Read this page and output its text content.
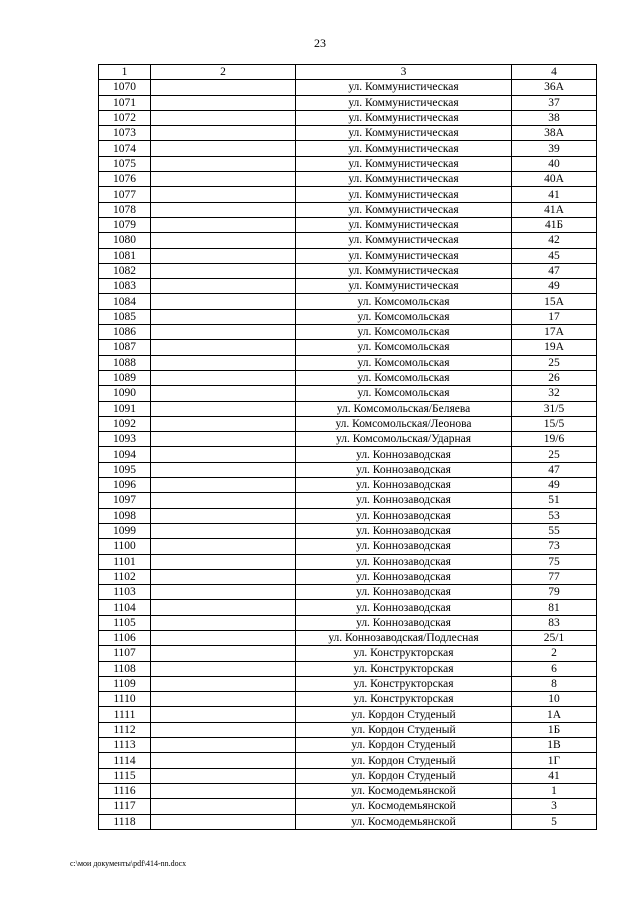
23
1	2	3	4
1070		ул. Коммунистическая	36А
1071		ул. Коммунистическая	37
1072		ул. Коммунистическая	38
1073		ул. Коммунистическая	38А
1074		ул. Коммунистическая	39
1075		ул. Коммунистическая	40
1076		ул. Коммунистическая	40А
1077		ул. Коммунистическая	41
1078		ул. Коммунистическая	41А
1079		ул. Коммунистическая	41Б
1080		ул. Коммунистическая	42
1081		ул. Коммунистическая	45
1082		ул. Коммунистическая	47
1083		ул. Коммунистическая	49
1084		ул. Комсомольская	15А
1085		ул. Комсомольская	17
1086		ул. Комсомольская	17А
1087		ул. Комсомольская	19А
1088		ул. Комсомольская	25
1089		ул. Комсомольская	26
1090		ул. Комсомольская	32
1091		ул. Комсомольская/Беляева	31/5
1092		ул. Комсомольская/Леонова	15/5
1093		ул. Комсомольская/Ударная	19/6
1094		ул. Коннозаводская	25
1095		ул. Коннозаводская	47
1096		ул. Коннозаводская	49
1097		ул. Коннозаводская	51
1098		ул. Коннозаводская	53
1099		ул. Коннозаводская	55
1100		ул. Коннозаводская	73
1101		ул. Коннозаводская	75
1102		ул. Коннозаводская	77
1103		ул. Коннозаводская	79
1104		ул. Коннозаводская	81
1105		ул. Коннозаводская	83
1106		ул. Коннозаводская/Подлесная	25/1
1107		ул. Конструкторская	2
1108		ул. Конструкторская	6
1109		ул. Конструкторская	8
1110		ул. Конструкторская	10
1111		ул. Кордон Студеный	1А
1112		ул. Кордон Студеный	1Б
1113		ул. Кордон Студеный	1В
1114		ул. Кордон Студеный	1Г
1115		ул. Кордон Студеный	41
1116		ул. Космодемьянской	1
1117		ул. Космодемьянской	3
1118		ул. Космодемьянской	5
c:\мои документы\pdf\414-nn.docx
